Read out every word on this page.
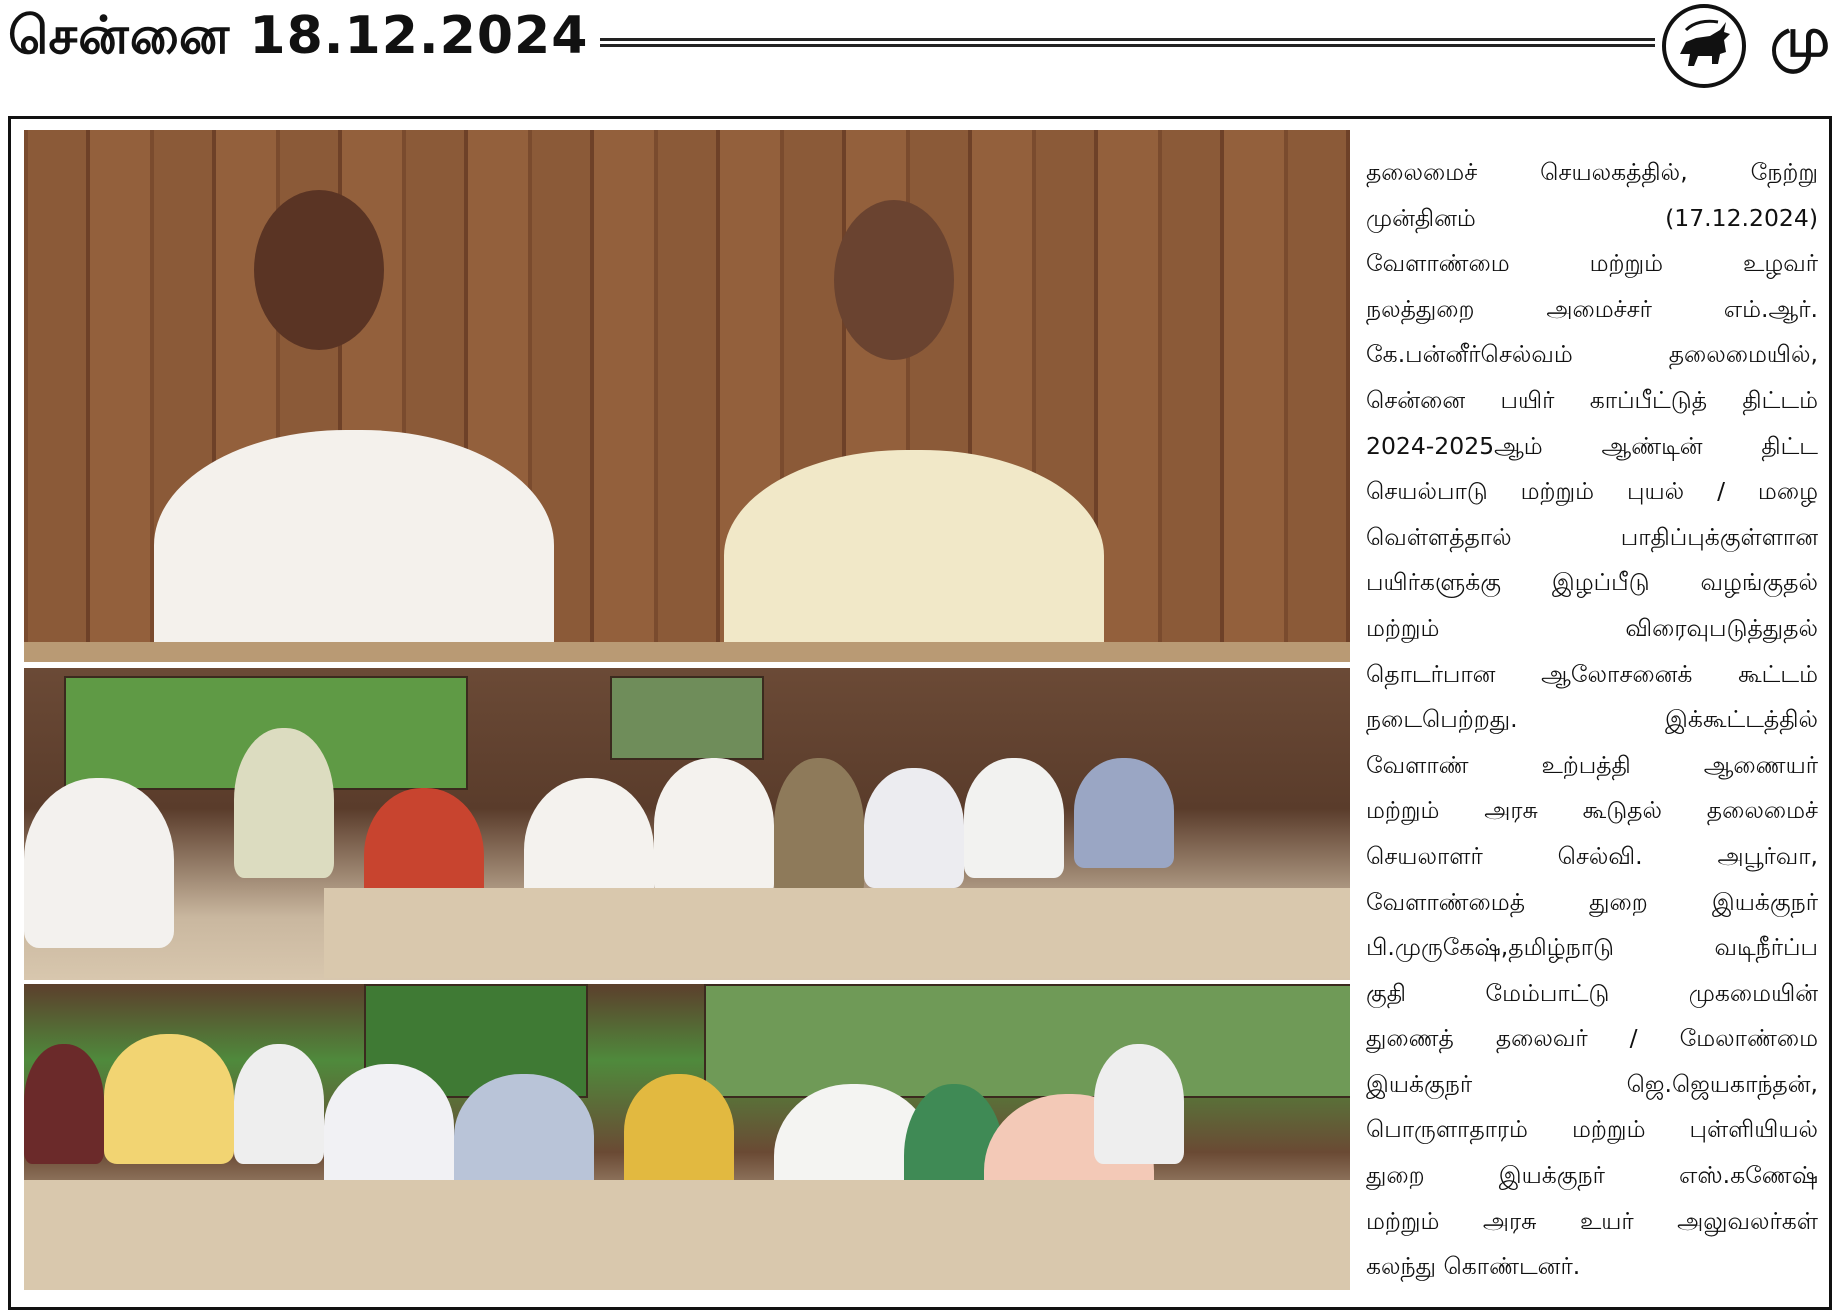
சென்னை 18.12.2024	மு
தலைமைச் செயலகத்தில், நேற்று
முன்தினம் (17.12.2024)
வேளாண்மை மற்றும் உழவர்
நலத்துறை அமைச்சர் எம்.ஆர்.
கே.பன்னீர்செல்வம் தலைமையில்,
சென்னை பயிர் காப்பீட்டுத் திட்டம்
2024-2025ஆம் ஆண்டின் திட்ட
செயல்பாடு மற்றும் புயல் / மழை
வெள்ளத்தால் பாதிப்புக்குள்ளான
பயிர்களுக்கு இழப்பீடு வழங்குதல்
மற்றும் விரைவுபடுத்துதல்
தொடர்பான ஆலோசனைக் கூட்டம்
நடைபெற்றது. இக்கூட்டத்தில்
வேளாண் உற்பத்தி ஆணையர்
மற்றும் அரசு கூடுதல் தலைமைச்
செயலாளர் செல்வி. அபூர்வா,
வேளாண்மைத் துறை இயக்குநர்
பி.முருகேஷ்,தமிழ்நாடு வடிநீர்ப்ப
குதி மேம்பாட்டு முகமையின்
துணைத் தலைவர் / மேலாண்மை
இயக்குநர் ஜெ.ஜெயகாந்தன்,
பொருளாதாரம் மற்றும் புள்ளியியல்
துறை இயக்குநர் எஸ்.கணேஷ்
மற்றும் அரசு உயர் அலுவலர்கள்
கலந்து கொண்டனர்.
